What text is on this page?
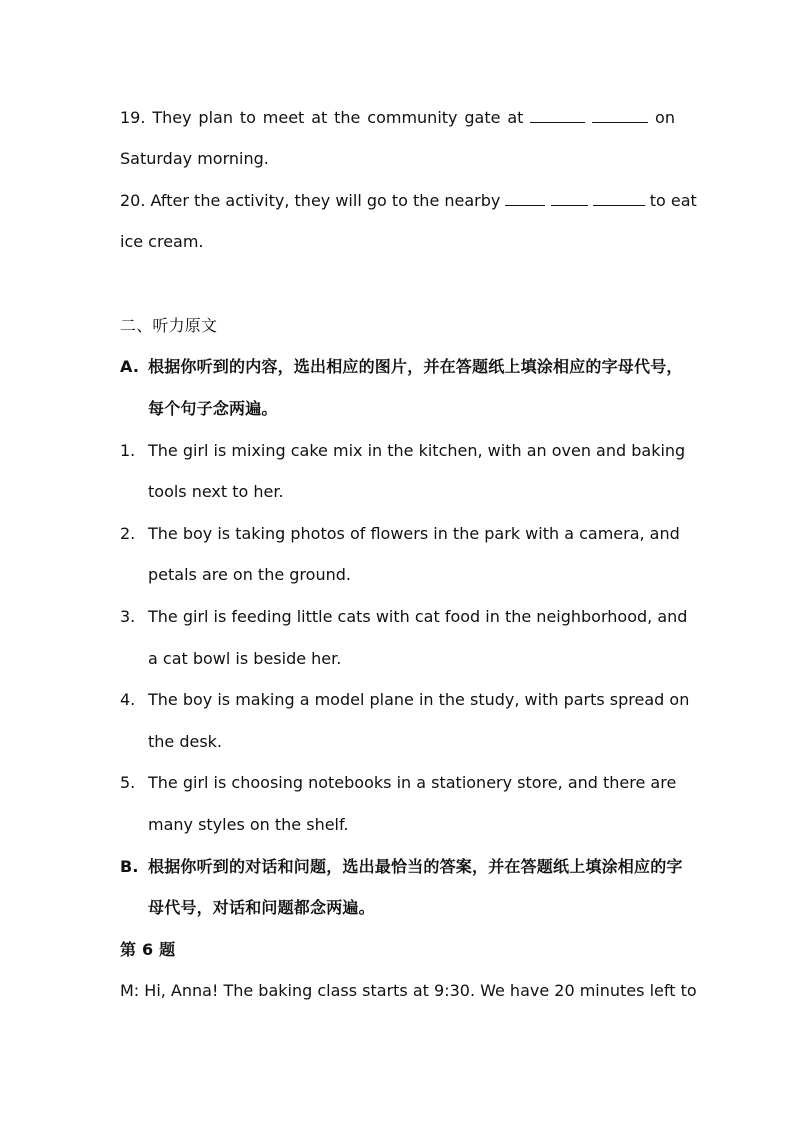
19. They plan to meet at the community gate at	on
Saturday morning.
20. After the activity, they will go to the nearby	to eat
ice cream.
二、听力原文
A. 根据你听到的内容，选出相应的图片，并在答题纸上填涂相应的字母代号，
每个句子念两遍。
1. The girl is mixing cake mix in the kitchen, with an oven and baking
tools next to her.
2. The boy is taking photos of flowers in the park with a camera, and
petals are on the ground.
3. The girl is feeding little cats with cat food in the neighborhood, and
a cat bowl is beside her.
4. The boy is making a model plane in the study, with parts spread on
the desk.
5. The girl is choosing notebooks in a stationery store, and there are
many styles on the shelf.
B. 根据你听到的对话和问题，选出最恰当的答案，并在答题纸上填涂相应的字
母代号，对话和问题都念两遍。
第 6 题
M: Hi, Anna! The baking class starts at 9:30. We have 20 minutes left to
